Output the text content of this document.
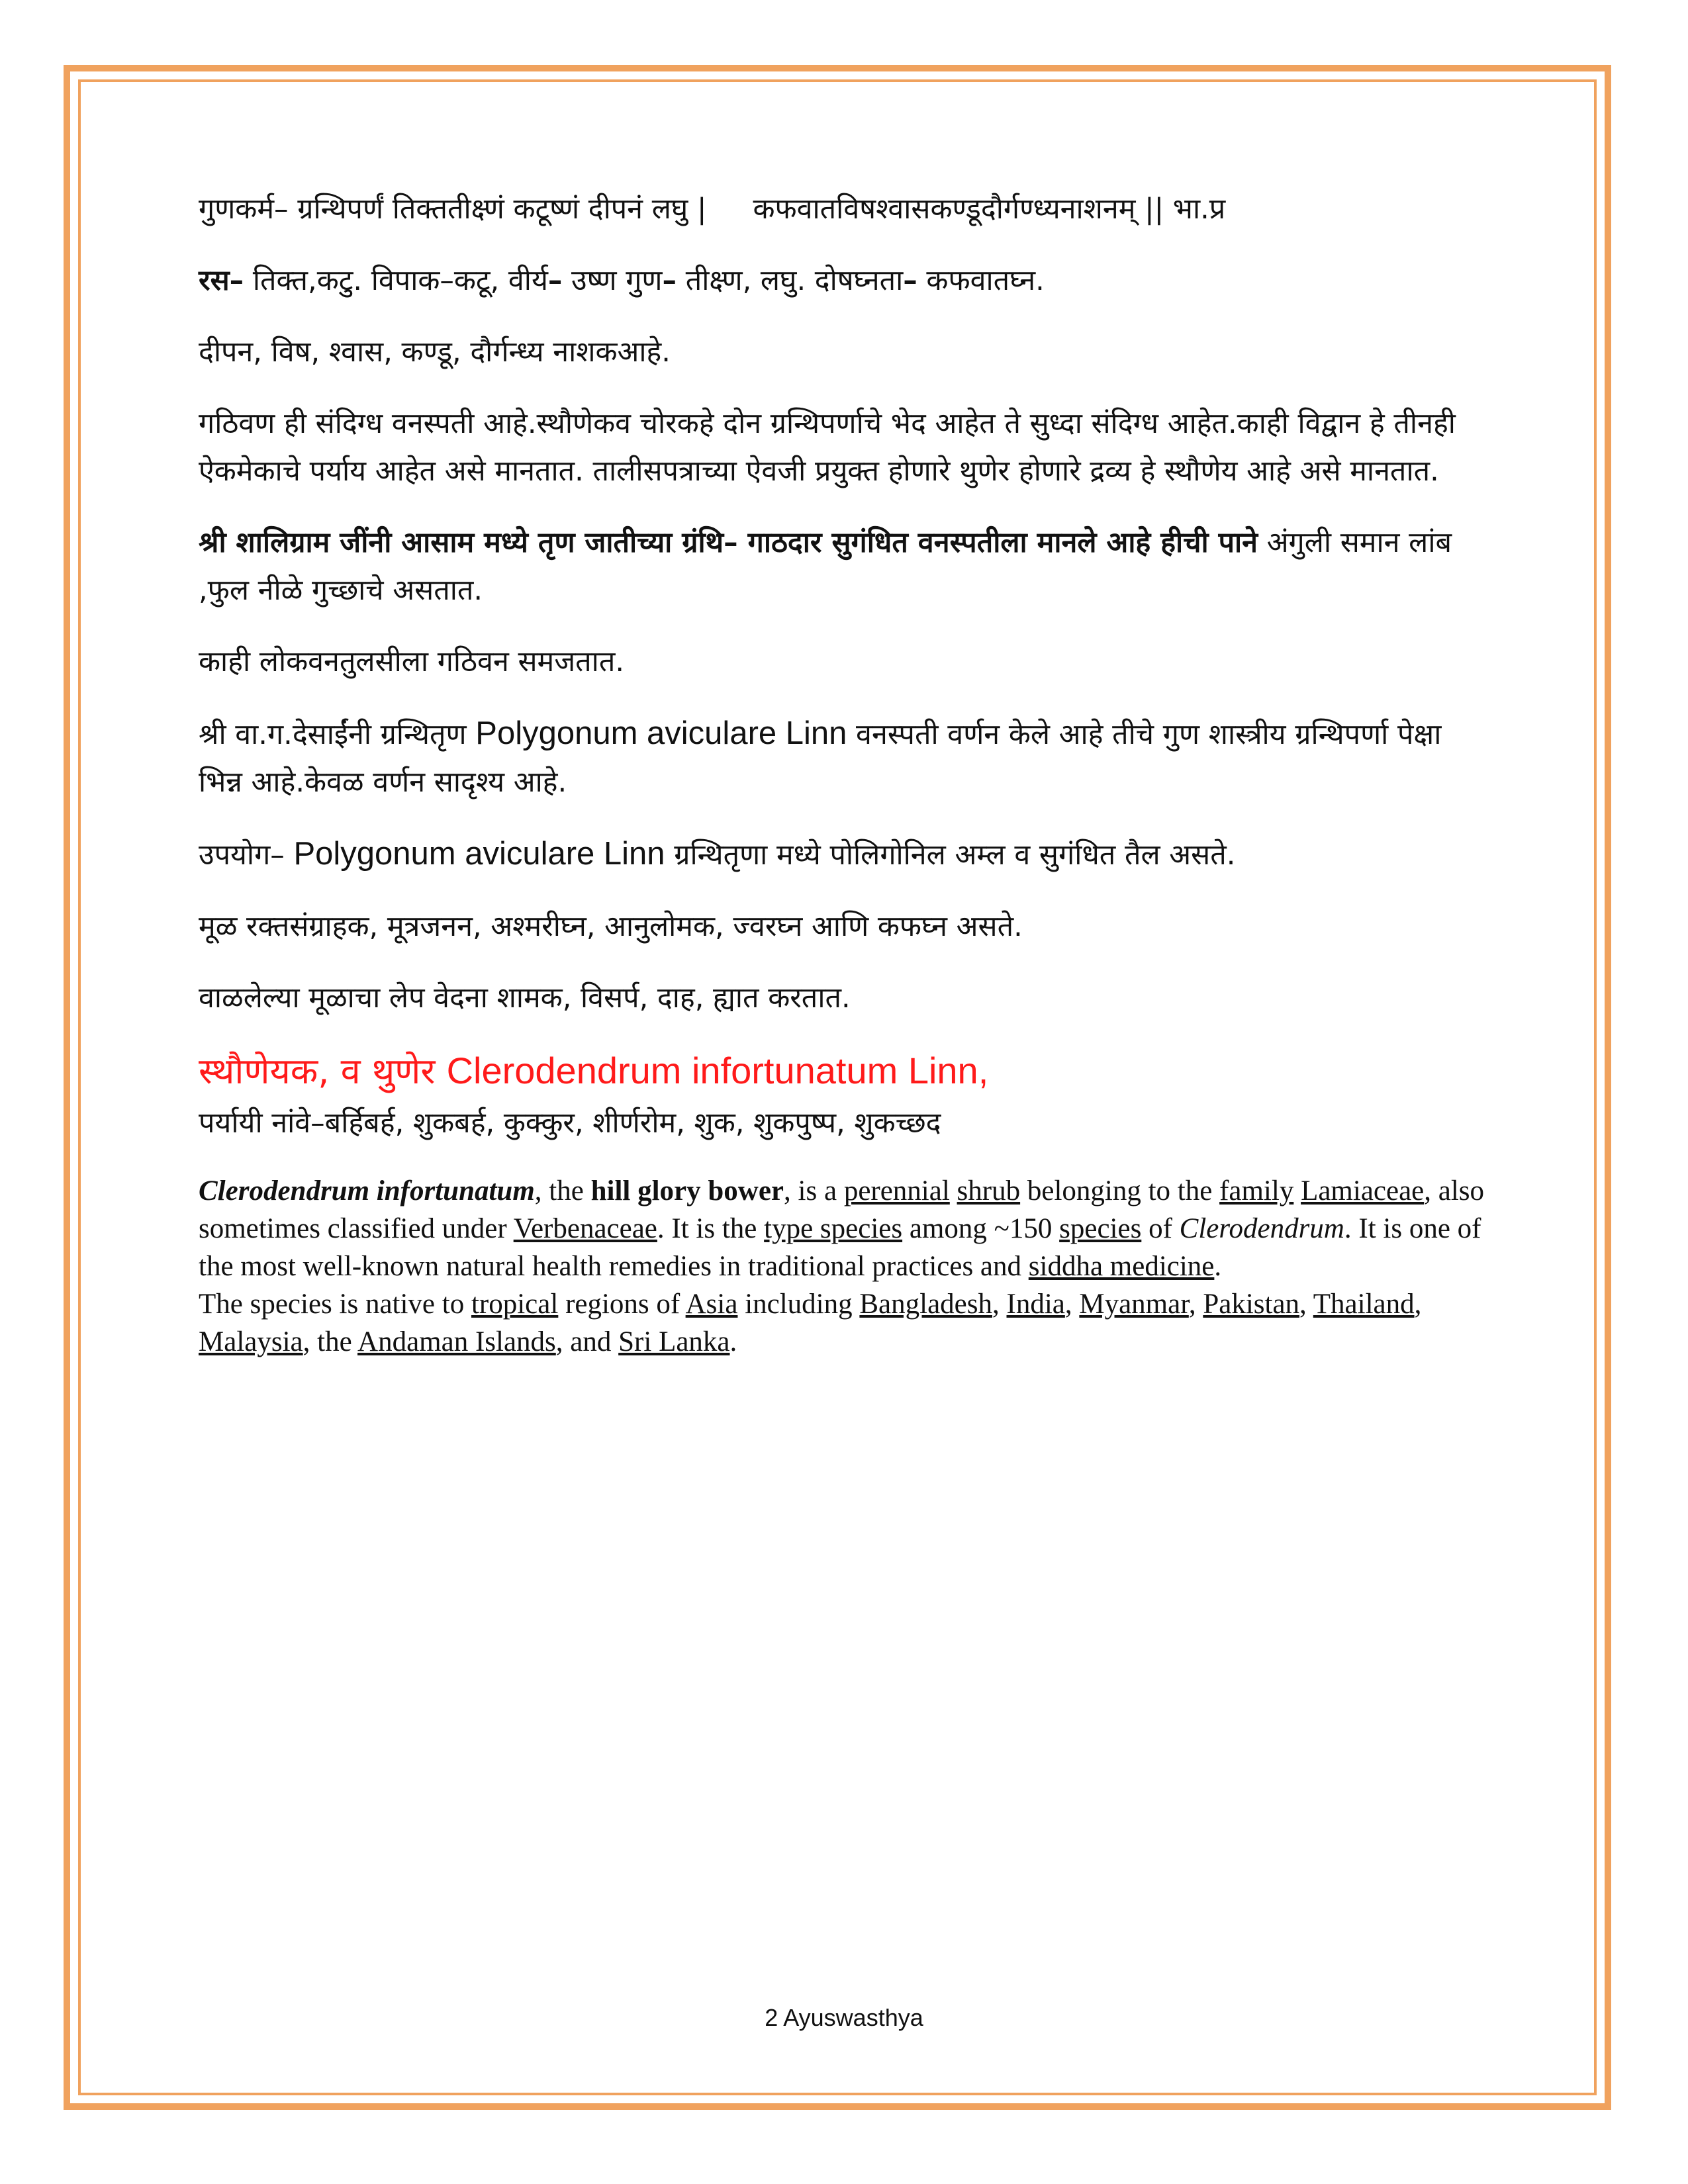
गुणकर्म– ग्रन्थिपर्णं तिक्ततीक्ष्णं कटूष्णं दीपनं लघु | कफवातविषश्वासकण्डूदौर्गण्ध्यनाशनम् || भा.प्र

रस– तिक्त,कटु. विपाक–कटू, वीर्य– उष्ण गुण– तीक्ष्ण, लघु. दोषघ्नता– कफवातघ्न.

दीपन, विष, श्वास, कण्डू, दौर्गन्ध्य नाशकआहे.

गठिवण ही संदिग्ध वनस्पती आहे.स्थौणेकव चोरकहे दोन ग्रन्थिपर्णाचे भेद आहेत ते सुध्दा संदिग्ध आहेत.काही विद्वान हे तीनही ऐकमेकाचे पर्याय आहेत असे मानतात. तालीसपत्राच्या ऐवजी प्रयुक्त होणारे थुणेर होणारे द्रव्य हे स्थौणेय आहे असे मानतात.

श्री शालिग्राम जींनी आसाम मध्ये तृण जातीच्या ग्रंथि– गाठदार सुगंधित वनस्पतीला मानले आहे हीची पाने अंगुली समान लांब ,फुल नीळे गुच्छाचे असतात.

काही लोकवनतुलसीला गठिवन समजतात.

श्री वा.ग.देसाईंनी ग्रन्थितृण Polygonum aviculare Linn वनस्पती वर्णन केले आहे तीचे गुण शास्त्रीय ग्रन्थिपर्णा पेक्षा भिन्न आहे.केवळ वर्णन सादृश्य आहे.

उपयोग– Polygonum aviculare Linn ग्रन्थितृणा मध्ये पोलिगोनिल अम्ल व सुगंधित तैल असते.

मूळ रक्तसंग्राहक, मूत्रजनन, अश्मरीघ्न, आनुलोमक, ज्वरघ्न आणि कफघ्न असते.

वाळलेल्या मूळाचा लेप वेदना शामक, विसर्प, दाह, ह्यात करतात.

स्थौणेयक, व थुणेर Clerodendrum infortunatum Linn,

पर्यायी नांवे–बर्हिबर्ह, शुकबर्ह, कुक्कुर, शीर्णरोम, शुक, शुकपुष्प, शुकच्छद

Clerodendrum infortunatum, the hill glory bower, is a perennial shrub belonging to the family Lamiaceae, also sometimes classified under Verbenaceae. It is the type species among ~150 species of Clerodendrum. It is one of the most well-known natural health remedies in traditional practices and siddha medicine.

The species is native to tropical regions of Asia including Bangladesh, India, Myanmar, Pakistan, Thailand, Malaysia, the Andaman Islands, and Sri Lanka.

2 Ayuswasthya
